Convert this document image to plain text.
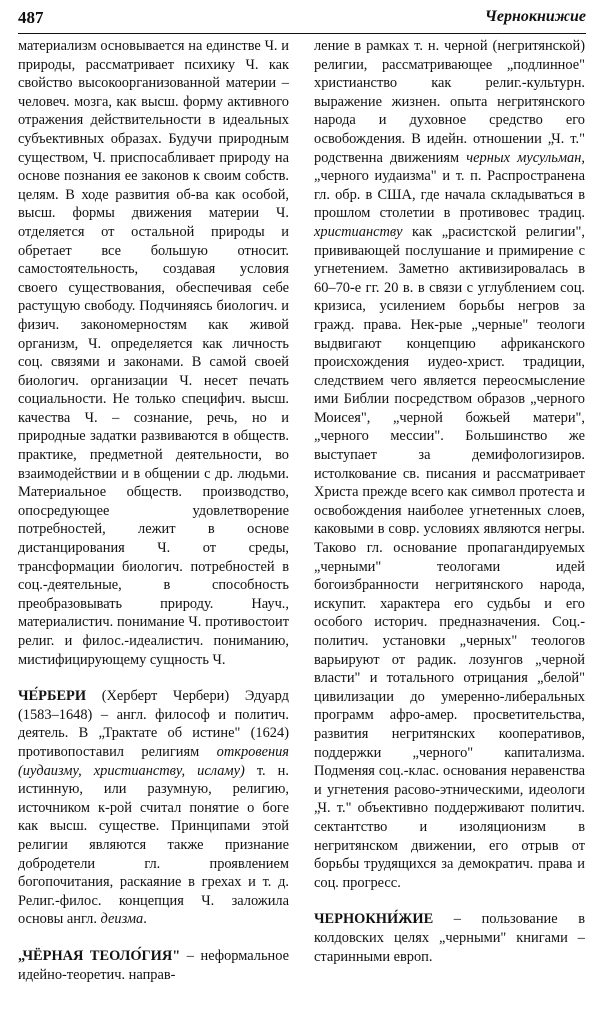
487	Чернокнижие

материализм основывается на единстве Ч. и природы, рассматривает психику Ч. как свойство высокоорганизованной материи – человеч. мозга, как высш. форму активного отражения действительности в идеальных субъективных образах. Будучи природным существом, Ч. приспосабливает природу на основе познания ее законов к своим собств. целям. В ходе развития об-ва как особой, высш. формы движения материи Ч. отделяется от остальной природы и обретает все большую относит. самостоятельность, создавая условия своего существования, обеспечивая себе растущую свободу. Подчиняясь биологич. и физич. закономерностям как живой организм, Ч. определяется как личность соц. связями и законами. В самой своей биологич. организации Ч. несет печать социальности. Не только специфич. высш. качества Ч. – сознание, речь, но и природные задатки развиваются в обществ. практике, предметной деятельности, во взаимодействии и в общении с др. людьми. Материальное обществ. производство, опосредующее удовлетворение потребностей, лежит в основе дистанцирования Ч. от среды, трансформации биологич. потребностей в соц.-деятельные, в способность преобразовывать природу. Науч., материалистич. понимание Ч. противостоит религ. и филос.-идеалистич. пониманию, мистифицирующему сущность Ч.

ЧЕ́РБЕРИ (Херберт Чербери) Эдуард (1583–1648) – англ. философ и политич. деятель. В „Трактате об истине" (1624) противопоставил религиям откровения (иудаизму, христианству, исламу) т. н. истинную, или разумную, религию, источником к-рой считал понятие о боге как высш. существе. Принципами этой религии являются также признание добродетели гл. проявлением богопочитания, раскаяние в грехах и т. д. Религ.-филос. концепция Ч. заложила основы англ. деизма.

„ЧЁРНАЯ ТЕОЛО́ГИЯ" – неформальное идейно-теоретич. направ-

ление в рамках т. н. черной (негритянской) религии, рассматривающее „подлинное" христианство как религ.-культурн. выражение жизнен. опыта негритянского народа и духовное средство его освобождения. В идейн. отношении „Ч. т." родственна движениям черных мусульман, „черного иудаизма" и т. п. Распространена гл. обр. в США, где начала складываться в прошлом столетии в противовес традиц. христианству как „расистской религии", прививающей послушание и примирение с угнетением. Заметно активизировалась в 60–70-е гг. 20 в. в связи с углублением соц. кризиса, усилением борьбы негров за гражд. права. Нек-рые „черные" теологи выдвигают концепцию африканского происхождения иудео-христ. традиции, следствием чего является переосмысление ими Библии посредством образов „черного Моисея", „черной божьей матери", „черного мессии". Большинство же выступает за демифологизиров. истолкование св. писания и рассматривает Христа прежде всего как символ протеста и освобождения наиболее угнетенных слоев, каковыми в совр. условиях являются негры. Таково гл. основание пропагандируемых „черными" теологами идей богоизбранности негритянского народа, искупит. характера его судьбы и его особого историч. предназначения. Соц.-политич. установки „черных" теологов варьируют от радик. лозунгов „черной власти" и тотального отрицания „белой" цивилизации до умеренно-либеральных программ афро-амер. просветительства, развития негритянских кооперативов, поддержки „черного" капитализма. Подменяя соц.-клас. основания неравенства и угнетения расово-этническими, идеологи „Ч. т." объективно поддерживают политич. сектантство и изоляционизм в негритянском движении, его отрыв от борьбы трудящихся за демократич. права и соц. прогресс.

ЧЕРНОКНИ́ЖИЕ – пользование в колдовских целях „черными" книгами – старинными европ.
